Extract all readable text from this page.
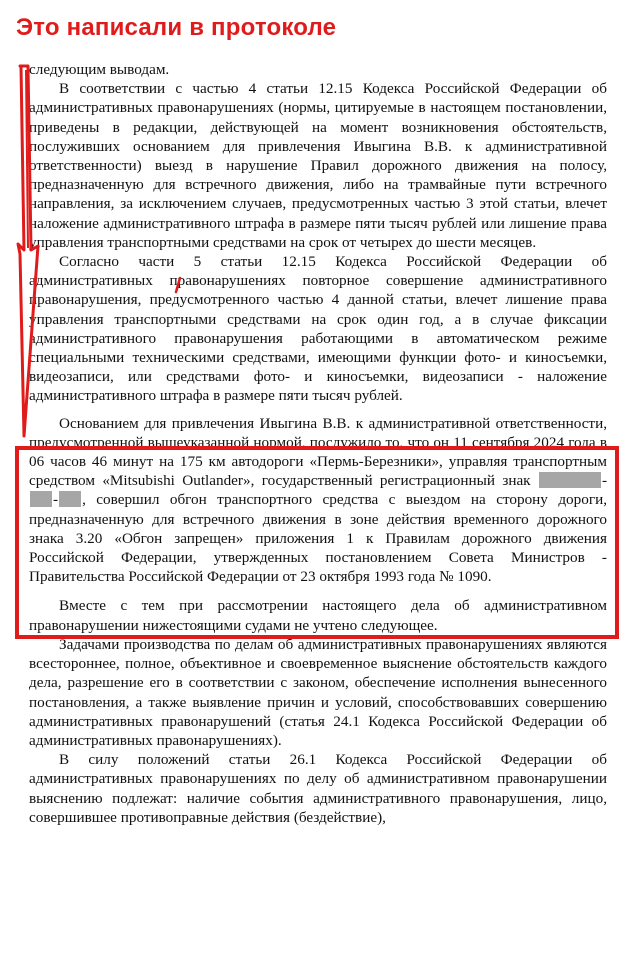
Это написали в протоколе

следующим выводам.

В соответствии с частью 4 статьи 12.15 Кодекса Российской Федерации об административных правонарушениях (нормы, цитируемые в настоящем постановлении, приведены в редакции, действующей на момент возникновения обстоятельств, послуживших основанием для привлечения Ивыгина В.В. к административной ответственности) выезд в нарушение Правил дорожного движения на полосу, предназначенную для встречного движения, либо на трамвайные пути встречного направления, за исключением случаев, предусмотренных частью 3 этой статьи, влечет наложение административного штрафа в размере пяти тысяч рублей или лишение права управления транспортными средствами на срок от четырех до шести месяцев.

Согласно части 5 статьи 12.15 Кодекса Российской Федерации об административных правонарушениях повторное совершение административного правонарушения, предусмотренного частью 4 данной статьи, влечет лишение права управления транспортными средствами на срок один год, а в случае фиксации административного правонарушения работающими в автоматическом режиме специальными техническими средствами, имеющими функции фото- и киносъемки, видеозаписи, или средствами фото- и киносъемки, видеозаписи - наложение административного штрафа в размере пяти тысяч рублей.

Основанием для привлечения Ивыгина В.В. к административной ответственности, предусмотренной вышеуказанной нормой, послужило то, что он 11 сентября 2024 года в 06 часов 46 минут на 175 км автодороги «Пермь-Березники», управляя транспортным средством «Mitsubishi Outlander», государственный регистрационный знак	-- , совершил обгон транспортного средства с выездом на сторону дороги, предназначенную для встречного движения в зоне действия временного дорожного знака 3.20 «Обгон запрещен» приложения 1 к Правилам дорожного движения Российской Федерации, утвержденных постановлением Совета Министров - Правительства Российской Федерации от 23 октября 1993 года № 1090.

Вместе с тем при рассмотрении настоящего дела об административном правонарушении нижестоящими судами не учтено следующее.

Задачами производства по делам об административных правонарушениях являются всестороннее, полное, объективное и своевременное выяснение обстоятельств каждого дела, разрешение его в соответствии с законом, обеспечение исполнения вынесенного постановления, а также выявление причин и условий, способствовавших совершению административных правонарушений (статья 24.1 Кодекса Российской Федерации об административных правонарушениях).

В силу положений статьи 26.1 Кодекса Российской Федерации об административных правонарушениях по делу об административном правонарушении выяснению подлежат: наличие события административного правонарушения, лицо, совершившее противоправные действия (бездействие),
